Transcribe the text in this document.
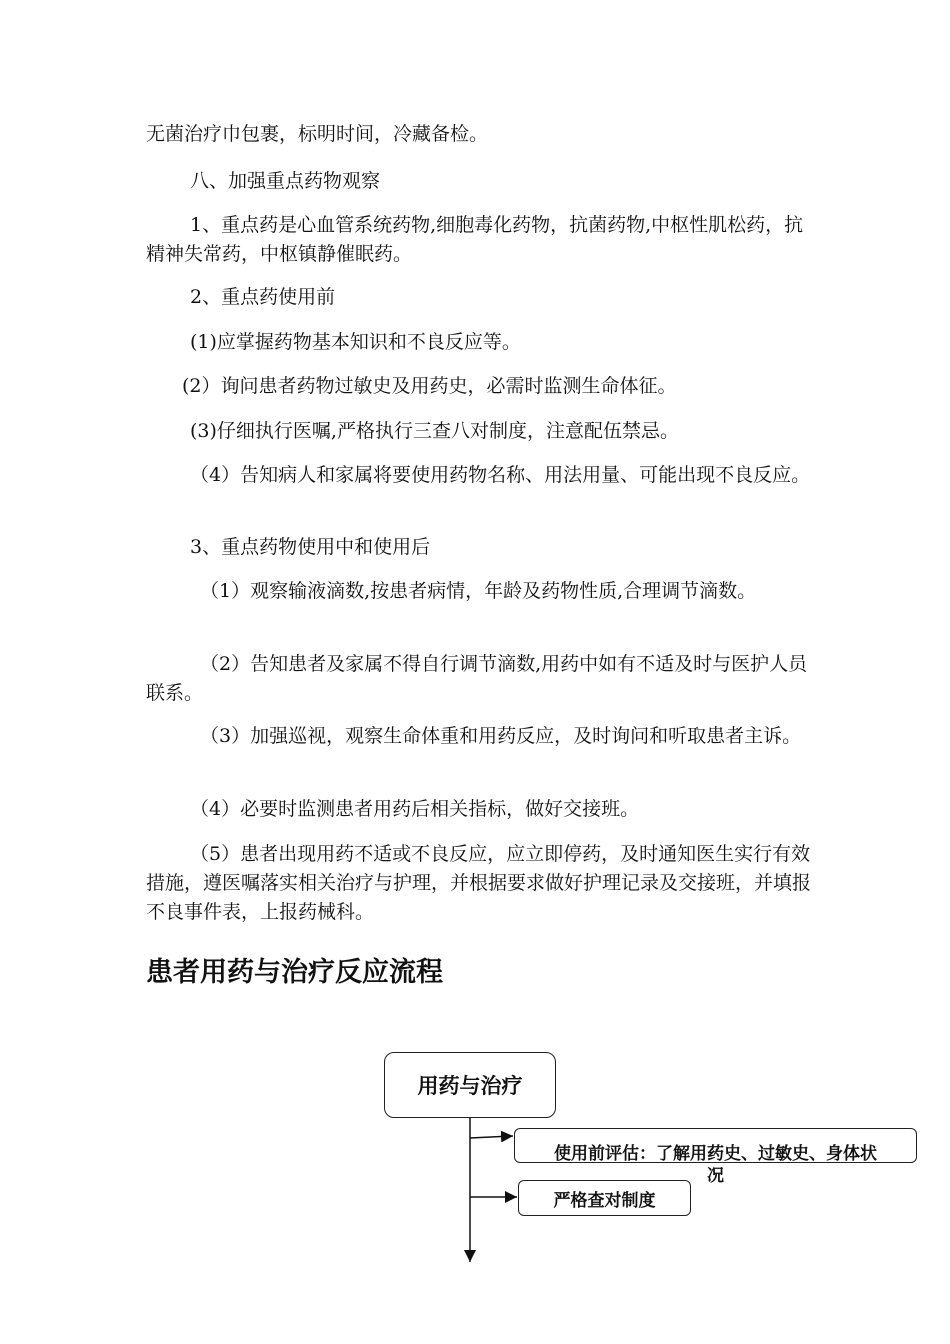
无菌治疗巾包裹，标明时间，冷藏备检。

八、加强重点药物观察

1、重点药是心血管系统药物,细胞毒化药物，抗菌药物,中枢性肌松药，抗精神失常药，中枢镇静催眠药。

2、重点药使用前

(1)应掌握药物基本知识和不良反应等。

(2）询问患者药物过敏史及用药史，必需时监测生命体征。

(3)仔细执行医嘱,严格执行三查八对制度，注意配伍禁忌。

（4）告知病人和家属将要使用药物名称、用法用量、可能出现不良反应。

3、重点药物使用中和使用后

（1）观察输液滴数,按患者病情，年龄及药物性质,合理调节滴数。

（2）告知患者及家属不得自行调节滴数,用药中如有不适及时与医护人员联系。

（3）加强巡视，观察生命体重和用药反应，及时询问和听取患者主诉。

（4）必要时监测患者用药后相关指标，做好交接班。

（5）患者出现用药不适或不良反应，应立即停药，及时通知医生实行有效措施，遵医嘱落实相关治疗与护理，并根据要求做好护理记录及交接班，并填报不良事件表，上报药械科。

患者用药与治疗反应流程
用药与治疗
使用前评估：了解用药史、过敏史、身体状
况
严格查对制度
